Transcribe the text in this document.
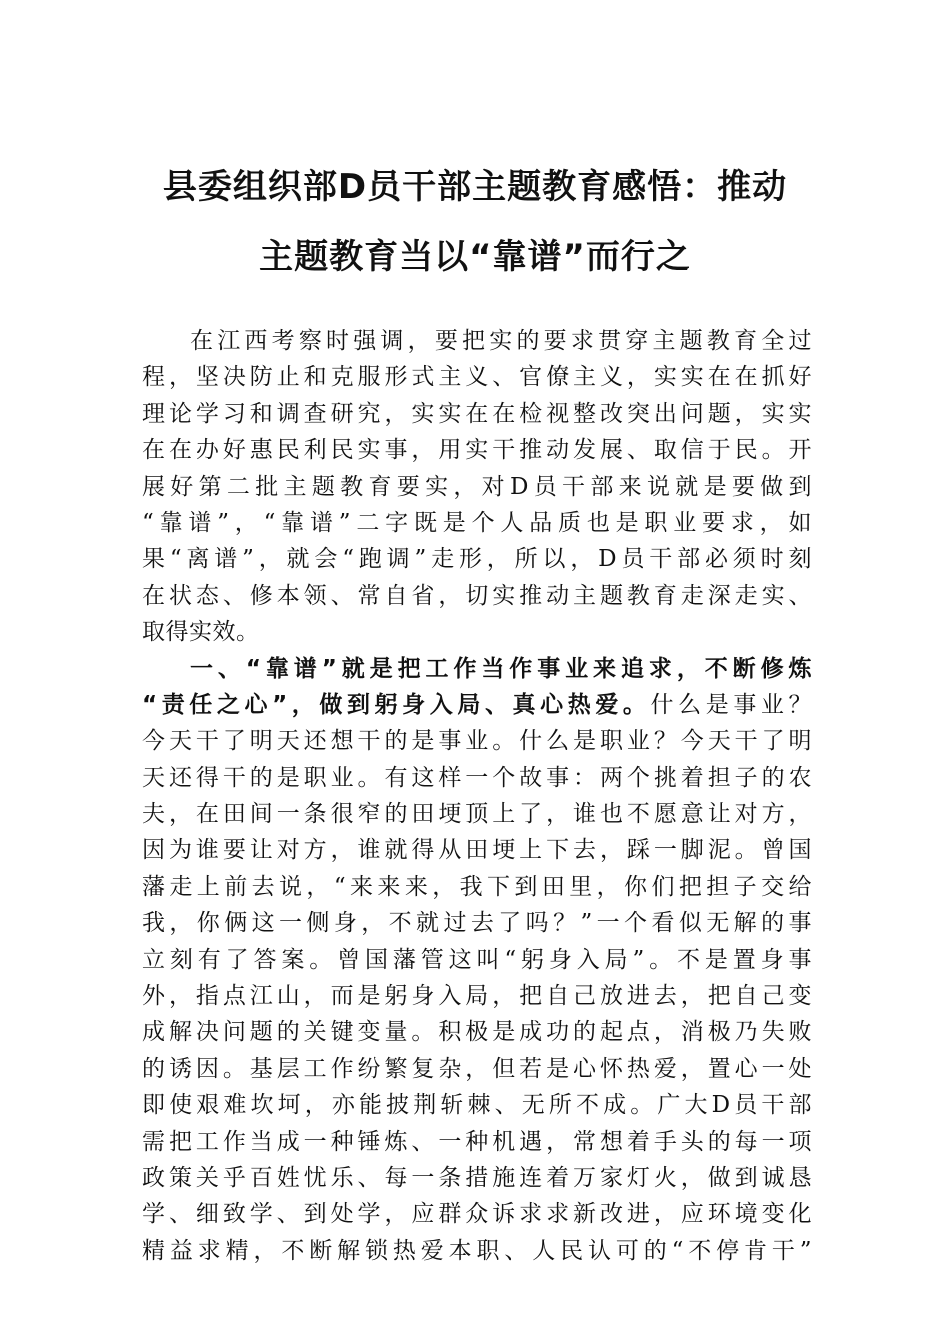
县委组织部D员干部主题教育感悟：推动
主题教育当以“靠谱”而行之
在江西考察时强调，要把实的要求贯穿主题教育全过
程，坚决防止和克服形式主义、官僚主义，实实在在抓好
理论学习和调查研究，实实在在检视整改突出问题，实实
在在办好惠民利民实事，用实干推动发展、取信于民。开
展好第二批主题教育要实，对D员干部来说就是要做到
“靠谱”，“靠谱”二字既是个人品质也是职业要求，如
果“离谱”，就会“跑调”走形，所以，D员干部必须时刻
在状态、修本领、常自省，切实推动主题教育走深走实、
取得实效。
一、“靠谱”就是把工作当作事业来追求，不断修炼
“责任之心”，做到躬身入局、真心热爱。什么是事业？
今天干了明天还想干的是事业。什么是职业？今天干了明
天还得干的是职业。有这样一个故事：两个挑着担子的农
夫，在田间一条很窄的田埂顶上了，谁也不愿意让对方，
因为谁要让对方，谁就得从田埂上下去，踩一脚泥。曾国
藩走上前去说，“来来来，我下到田里，你们把担子交给
我，你俩这一侧身，不就过去了吗？”一个看似无解的事
立刻有了答案。曾国藩管这叫“躬身入局”。不是置身事
外，指点江山，而是躬身入局，把自己放进去，把自己变
成解决问题的关键变量。积极是成功的起点，消极乃失败
的诱因。基层工作纷繁复杂，但若是心怀热爱，置心一处
即使艰难坎坷，亦能披荆斩棘、无所不成。广大D员干部
需把工作当成一种锤炼、一种机遇，常想着手头的每一项
政策关乎百姓忧乐、每一条措施连着万家灯火，做到诚恳
学、细致学、到处学，应群众诉求求新改进，应环境变化
精益求精，不断解锁热爱本职、人民认可的“不停肯干”
